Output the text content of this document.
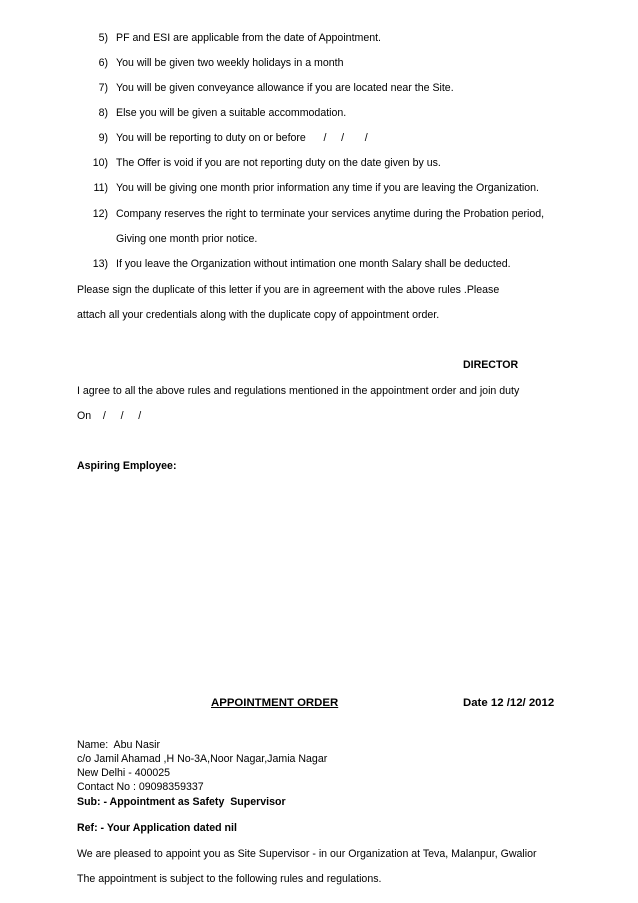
5) PF and ESI are applicable from the date of Appointment.
6) You will be given two weekly holidays in a month
7) You will be given conveyance allowance if you are located near the Site.
8) Else you will be given a suitable accommodation.
9) You will be reporting to duty on or before      /     /       /
10) The Offer is void if you are not reporting duty on the date given by us.
11) You will be giving one month prior information any time if you are leaving the Organization.
12) Company reserves the right to terminate your services anytime during the Probation period,
Giving one month prior notice.
13) If you leave the Organization without intimation one month Salary shall be deducted.
Please sign the duplicate of this letter if you are in agreement with the above rules .Please
attach all your credentials along with the duplicate copy of appointment order.
DIRECTOR
I agree to all the above rules and regulations mentioned in the appointment order and join duty
On    /     /     /
Aspiring Employee:
APPOINTMENT ORDER	Date 12 /12/ 2012
Name:  Abu Nasir
c/o Jamil Ahamad ,H No-3A,Noor Nagar,Jamia Nagar
New Delhi - 400025
Contact No : 09098359337
Sub: - Appointment as Safety  Supervisor
Ref: - Your Application dated nil
We are pleased to appoint you as Site Supervisor - in our Organization at Teva, Malanpur, Gwalior
The appointment is subject to the following rules and regulations.
